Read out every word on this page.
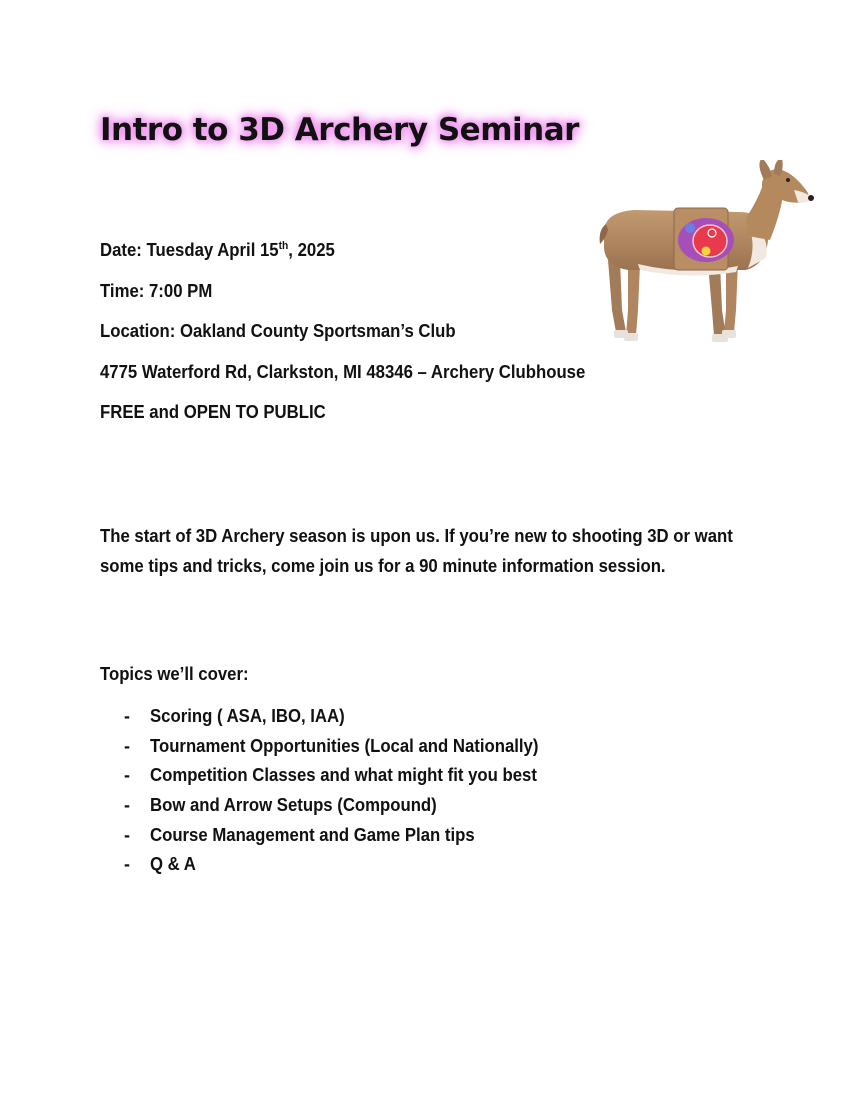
Intro to 3D Archery Seminar
Date: Tuesday April 15th, 2025
Time: 7:00 PM
Location: Oakland County Sportsman’s Club
4775 Waterford Rd, Clarkston, MI 48346 – Archery Clubhouse
FREE and OPEN TO PUBLIC

The start of 3D Archery season is upon us. If you’re new to shooting 3D or want some tips and tricks, come join us for a 90 minute information session.

Topics we’ll cover:

- Scoring ( ASA, IBO, IAA)
- Tournament Opportunities (Local and Nationally)
- Competition Classes and what might fit you best
- Bow and Arrow Setups (Compound)
- Course Management and Game Plan tips
- Q & A
